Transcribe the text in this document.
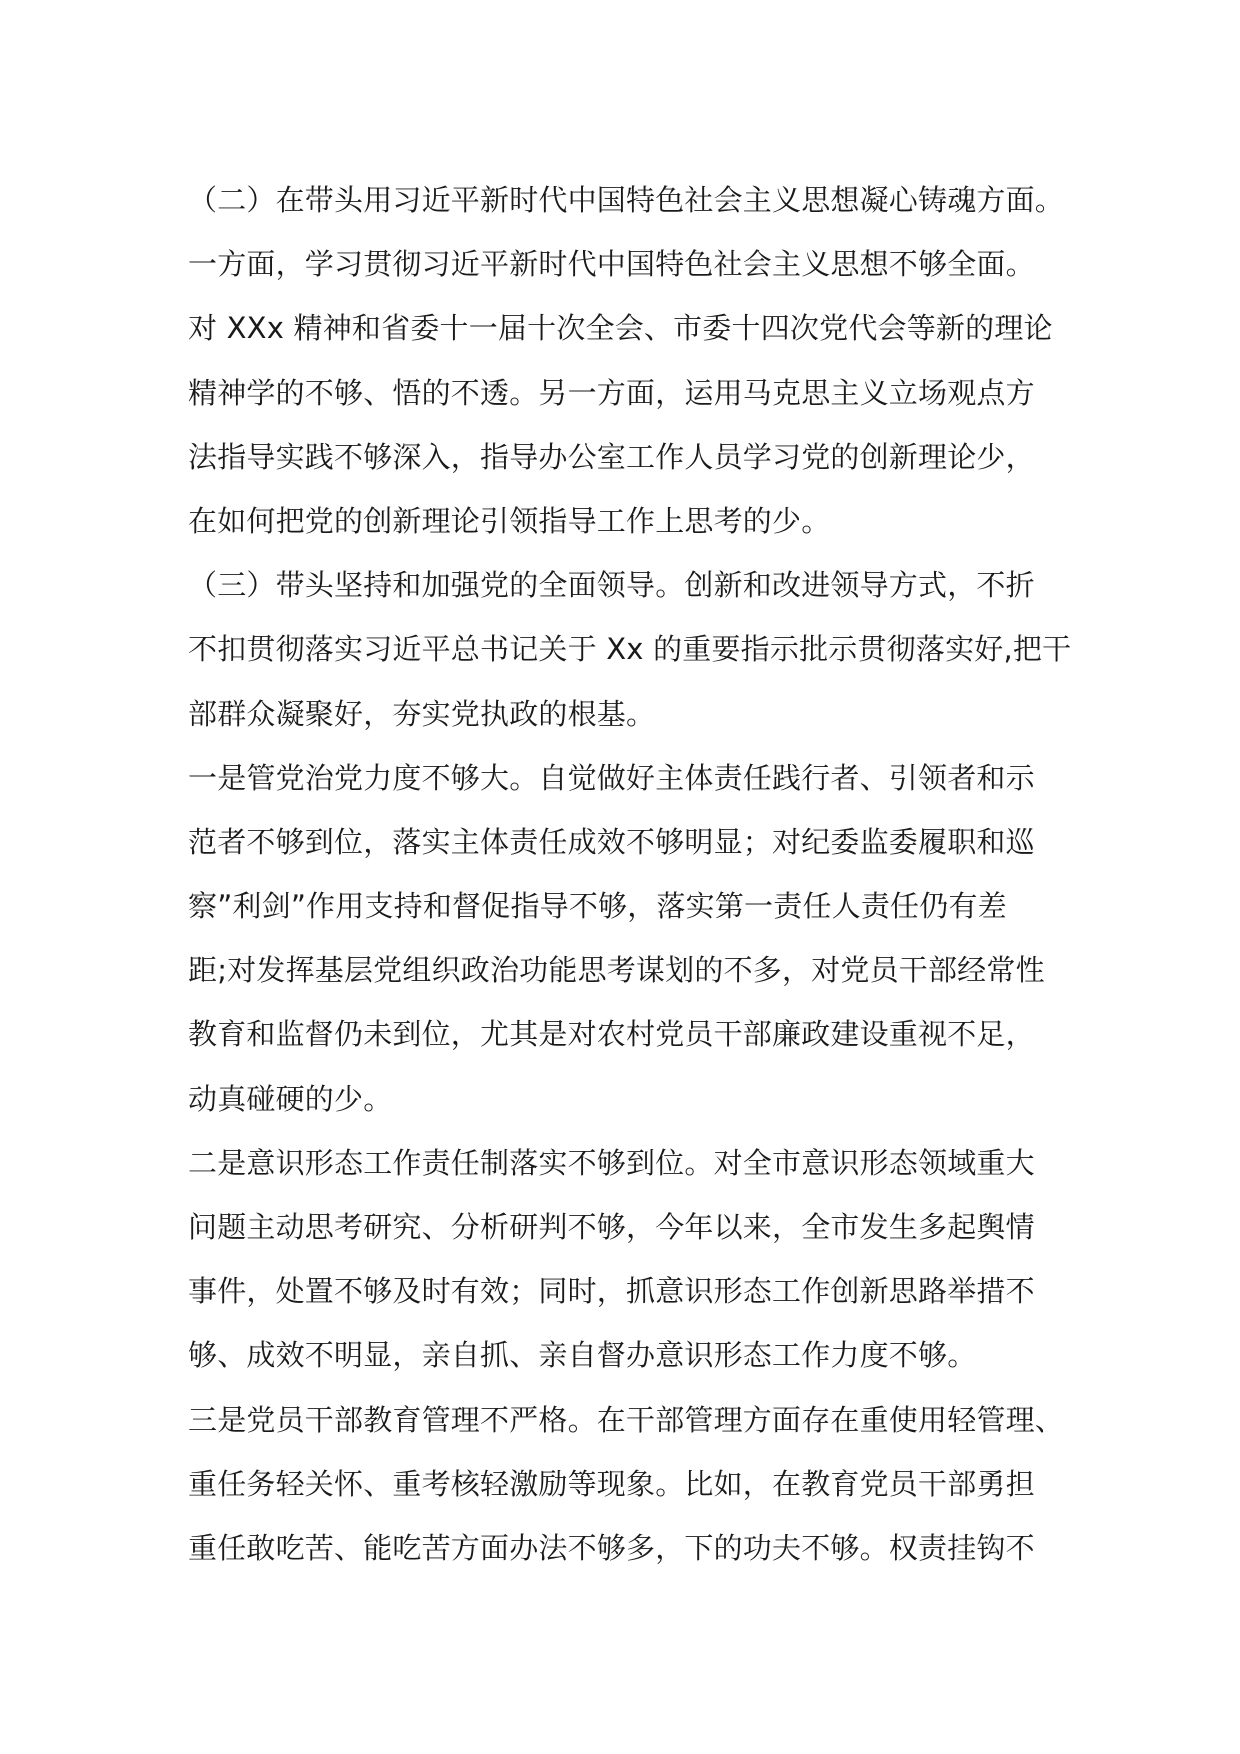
（二）在带头用习近平新时代中国特色社会主义思想凝心铸魂方面。
一方面，学习贯彻习近平新时代中国特色社会主义思想不够全面。
对 XXx 精神和省委十一届十次全会、市委十四次党代会等新的理论
精神学的不够、悟的不透。另一方面，运用马克思主义立场观点方
法指导实践不够深入，指导办公室工作人员学习党的创新理论少，
在如何把党的创新理论引领指导工作上思考的少。
（三）带头坚持和加强党的全面领导。创新和改进领导方式，不折
不扣贯彻落实习近平总书记关于 Xx 的重要指示批示贯彻落实好,把干
部群众凝聚好，夯实党执政的根基。
一是管党治党力度不够大。自觉做好主体责任践行者、引领者和示
范者不够到位，落实主体责任成效不够明显；对纪委监委履职和巡
察”利剑”作用支持和督促指导不够，落实第一责任人责任仍有差
距;对发挥基层党组织政治功能思考谋划的不多，对党员干部经常性
教育和监督仍未到位，尤其是对农村党员干部廉政建设重视不足，
动真碰硬的少。
二是意识形态工作责任制落实不够到位。对全市意识形态领域重大
问题主动思考研究、分析研判不够，今年以来，全市发生多起舆情
事件，处置不够及时有效；同时，抓意识形态工作创新思路举措不
够、成效不明显，亲自抓、亲自督办意识形态工作力度不够。
三是党员干部教育管理不严格。在干部管理方面存在重使用轻管理、
重任务轻关怀、重考核轻激励等现象。比如，在教育党员干部勇担
重任敢吃苦、能吃苦方面办法不够多，下的功夫不够。权责挂钩不
